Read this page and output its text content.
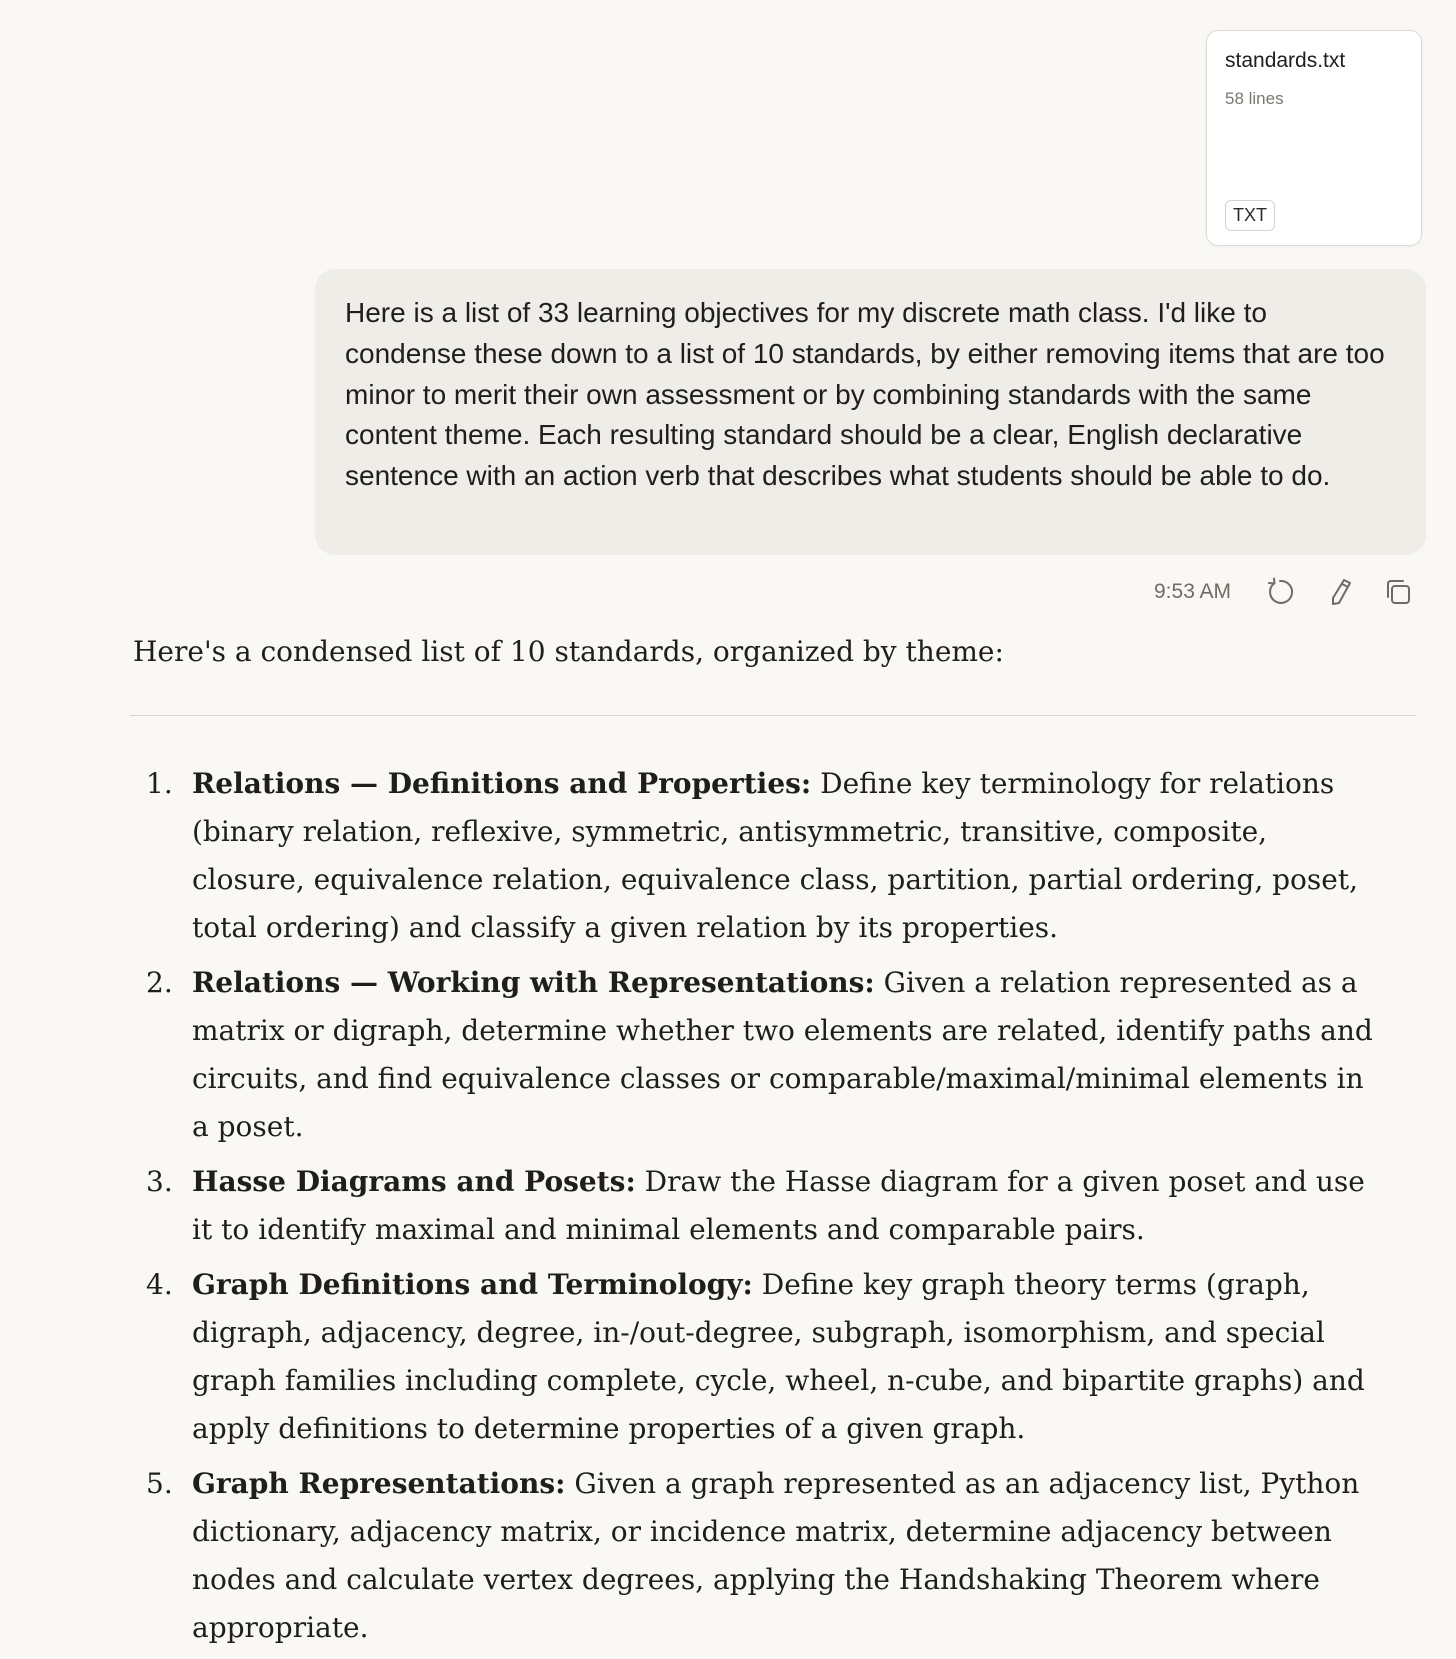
standards.txt
58 lines
TXT
Here is a list of 33 learning objectives for my discrete math class. I'd like to condense these down to a list of 10 standards, by either removing items that are too minor to merit their own assessment or by combining standards with the same content theme. Each resulting standard should be a clear, English declarative sentence with an action verb that describes what students should be able to do.
9:53 AM
Here's a condensed list of 10 standards, organized by theme:
1. Relations — Definitions and Properties: Define key terminology for relations (binary relation, reflexive, symmetric, antisymmetric, transitive, composite, closure, equivalence relation, equivalence class, partition, partial ordering, poset, total ordering) and classify a given relation by its properties.
2. Relations — Working with Representations: Given a relation represented as a matrix or digraph, determine whether two elements are related, identify paths and circuits, and find equivalence classes or comparable/maximal/minimal elements in a poset.
3. Hasse Diagrams and Posets: Draw the Hasse diagram for a given poset and use it to identify maximal and minimal elements and comparable pairs.
4. Graph Definitions and Terminology: Define key graph theory terms (graph, digraph, adjacency, degree, in-/out-degree, subgraph, isomorphism, and special graph families including complete, cycle, wheel, n-cube, and bipartite graphs) and apply definitions to determine properties of a given graph.
5. Graph Representations: Given a graph represented as an adjacency list, Python dictionary, adjacency matrix, or incidence matrix, determine adjacency between nodes and calculate vertex degrees, applying the Handshaking Theorem where appropriate.
